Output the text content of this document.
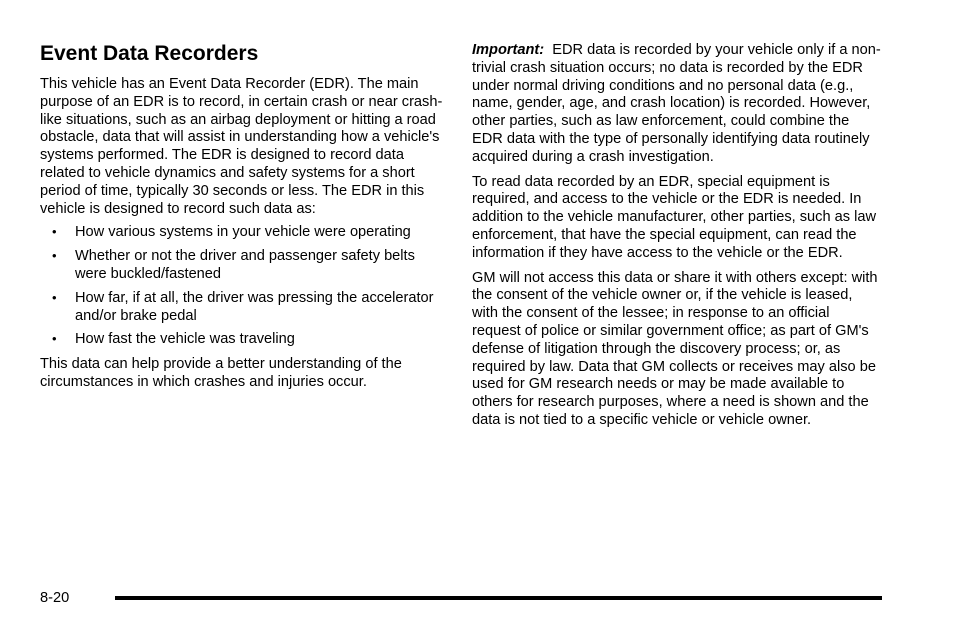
Event Data Recorders

This vehicle has an Event Data Recorder (EDR). The main purpose of an EDR is to record, in certain crash or near crash-like situations, such as an airbag deployment or hitting a road obstacle, data that will assist in understanding how a vehicle's systems performed. The EDR is designed to record data related to vehicle dynamics and safety systems for a short period of time, typically 30 seconds or less. The EDR in this vehicle is designed to record such data as:

• How various systems in your vehicle were operating
• Whether or not the driver and passenger safety belts were buckled/fastened
• How far, if at all, the driver was pressing the accelerator and/or brake pedal
• How fast the vehicle was traveling

This data can help provide a better understanding of the circumstances in which crashes and injuries occur.

Important: EDR data is recorded by your vehicle only if a non-trivial crash situation occurs; no data is recorded by the EDR under normal driving conditions and no personal data (e.g., name, gender, age, and crash location) is recorded. However, other parties, such as law enforcement, could combine the EDR data with the type of personally identifying data routinely acquired during a crash investigation.

To read data recorded by an EDR, special equipment is required, and access to the vehicle or the EDR is needed. In addition to the vehicle manufacturer, other parties, such as law enforcement, that have the special equipment, can read the information if they have access to the vehicle or the EDR.

GM will not access this data or share it with others except: with the consent of the vehicle owner or, if the vehicle is leased, with the consent of the lessee; in response to an official request of police or similar government office; as part of GM's defense of litigation through the discovery process; or, as required by law. Data that GM collects or receives may also be used for GM research needs or may be made available to others for research purposes, where a need is shown and the data is not tied to a specific vehicle or vehicle owner.

8-20
